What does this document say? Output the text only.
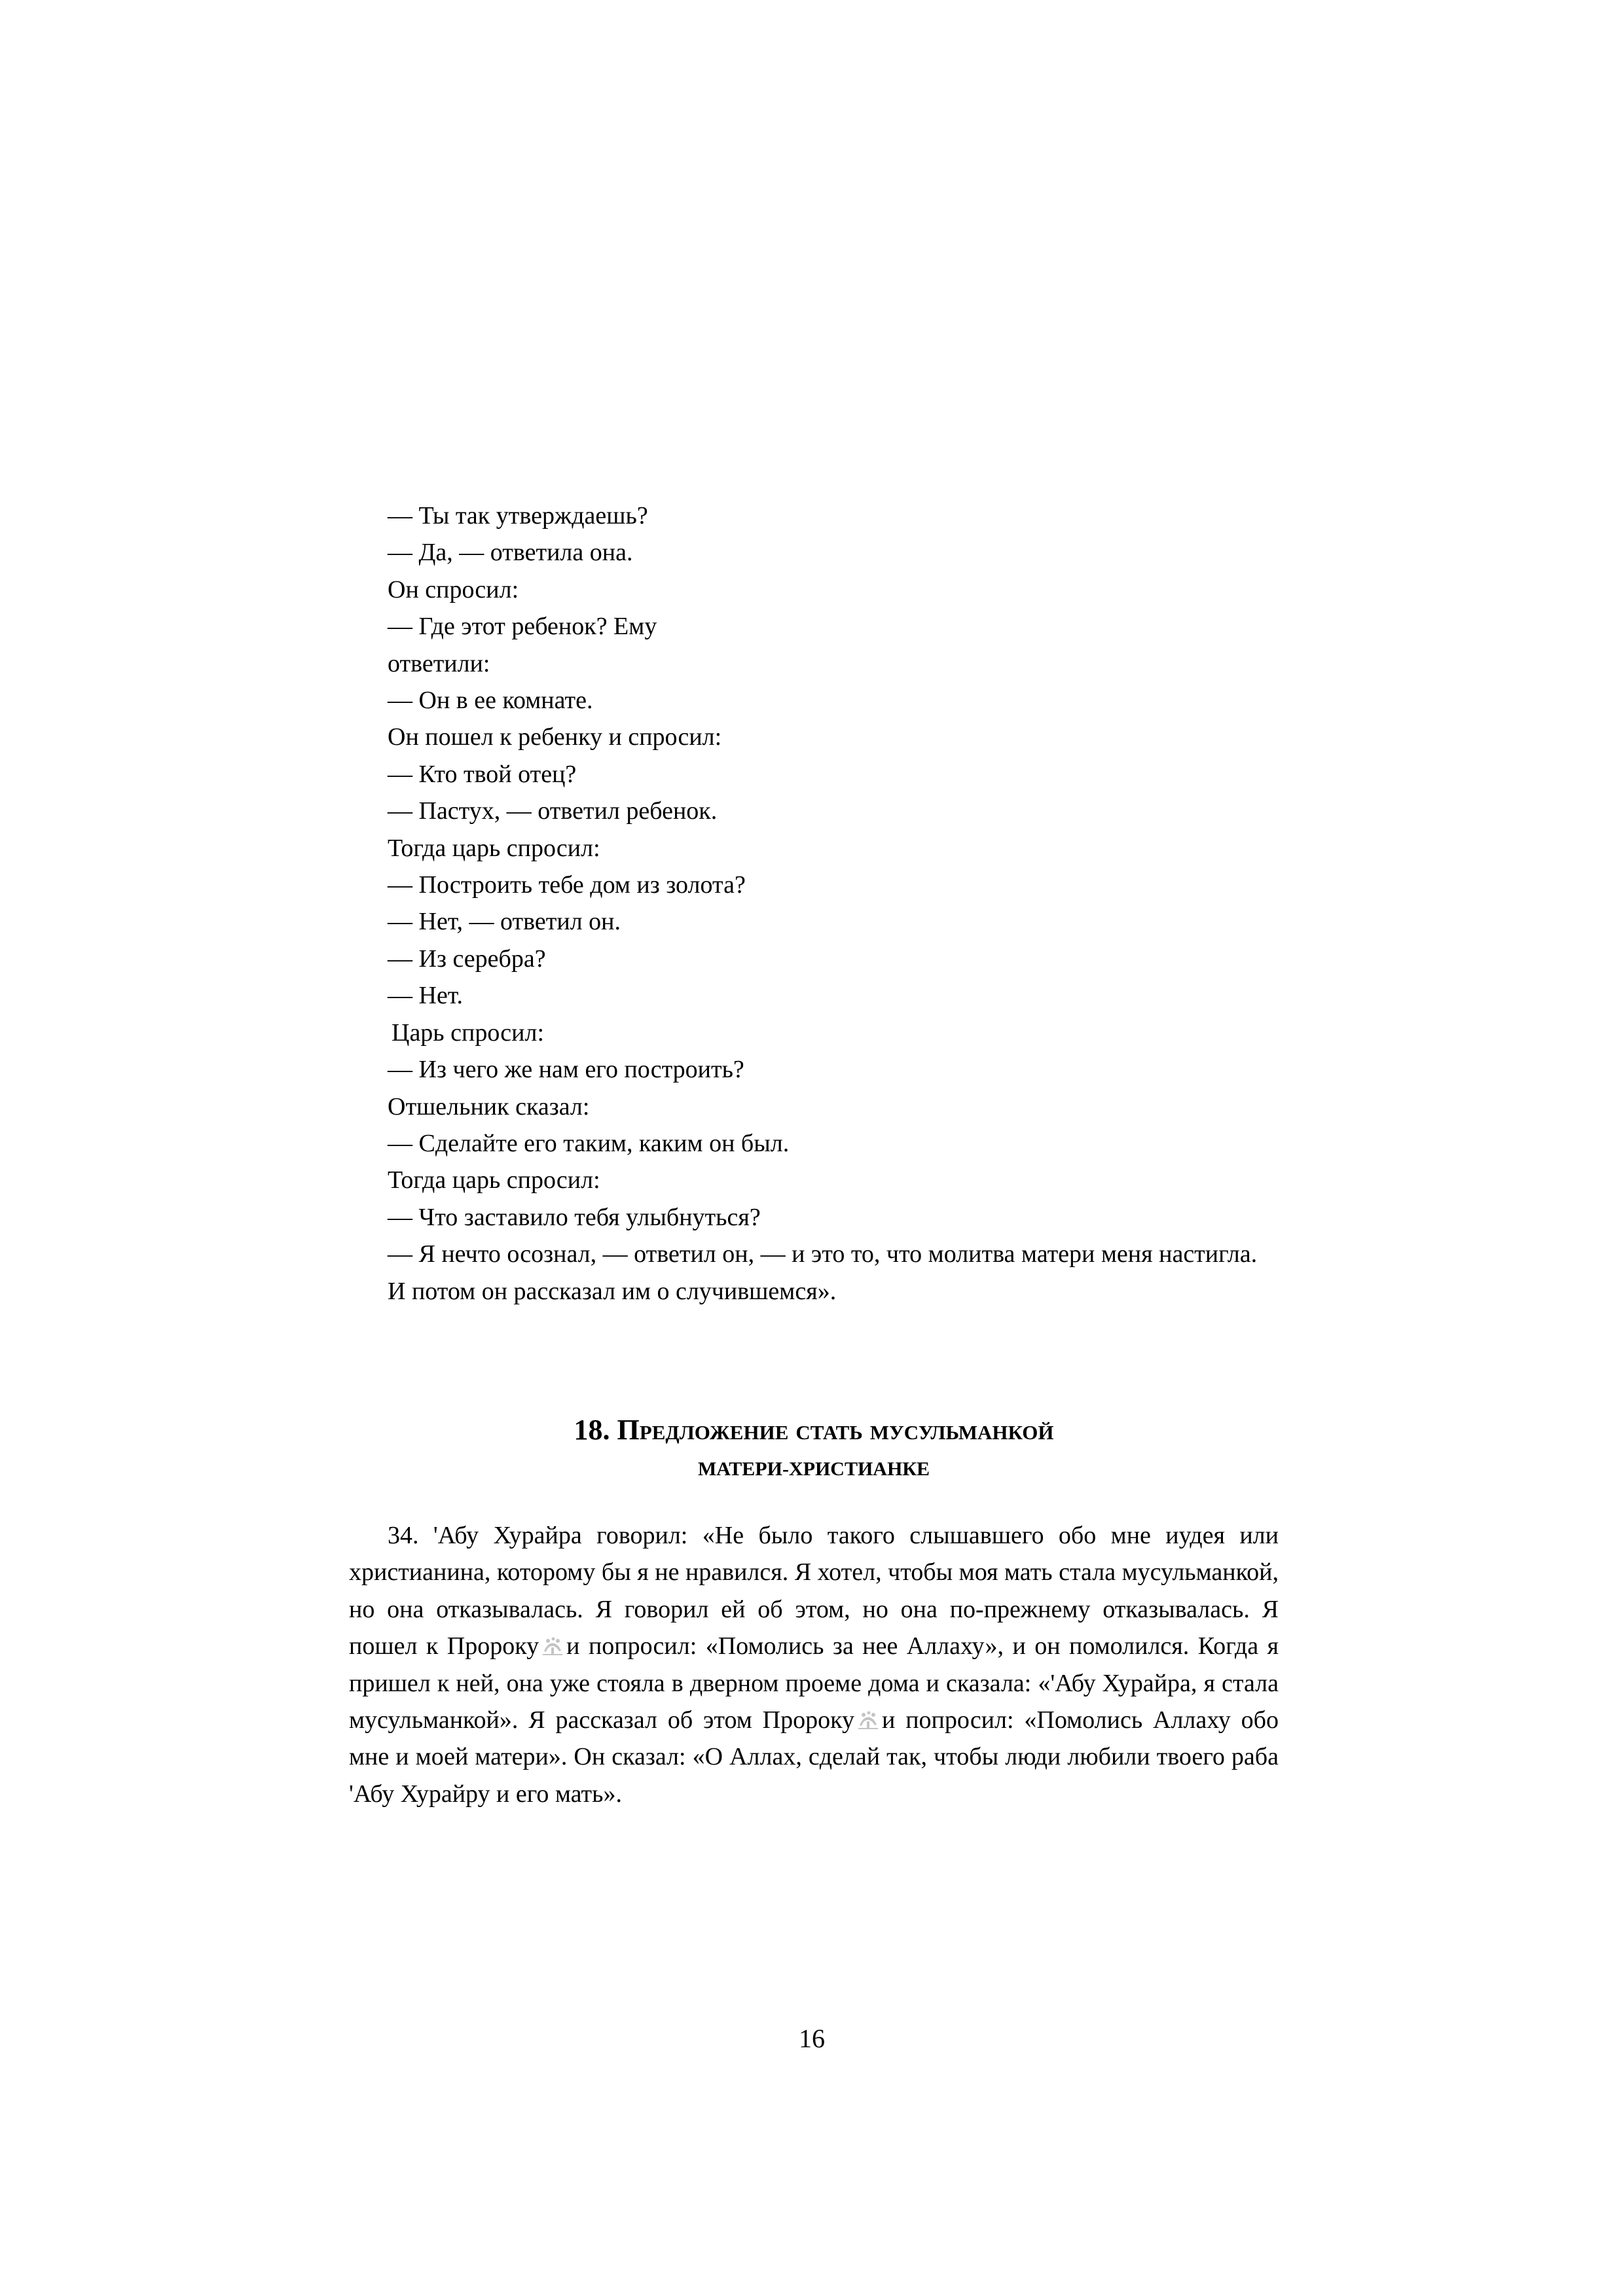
— Ты так утверждаешь?
— Да, — ответила она.
Он спросил:
— Где этот ребенок? Ему
ответили:
— Он в ее комнате.
Он пошел к ребенку и спросил:
— Кто твой отец?
— Пастух, — ответил ребенок.
Тогда царь спросил:
— Построить тебе дом из золота?
— Нет, — ответил он.
— Из серебра?
— Нет.
Царь спросил:
— Из чего же нам его построить?
Отшельник сказал:
— Сделайте его таким, каким он был.
Тогда царь спросил:
— Что заставило тебя улыбнуться?
— Я нечто осознал, — ответил он, — и это то, что молитва матери меня настигла.
И потом он рассказал им о случившемся».
18. Предложение стать мусульманкой
МАТЕРИ-ХРИСТИАНКЕ
34. 'Абу Хурайра говорил: «Не было такого слышавшего обо мне иудея или христианина, которому бы я не нравился. Я хотел, чтобы моя мать стала мусульманкой, но она отказывалась. Я говорил ей об этом, но она по-прежнему отказывалась. Я пошел к Пророку и попросил: «Помолись за нее Аллаху», и он помолился. Когда я пришел к ней, она уже стояла в дверном проеме дома и сказала: «'Абу Хурайра, я стала мусульманкой». Я рассказал об этом Пророку и попросил: «Помолись Аллаху обо мне и моей матери». Он сказал: «О Аллах, сделай так, чтобы люди любили твоего раба 'Абу Хурайру и его мать».
16
